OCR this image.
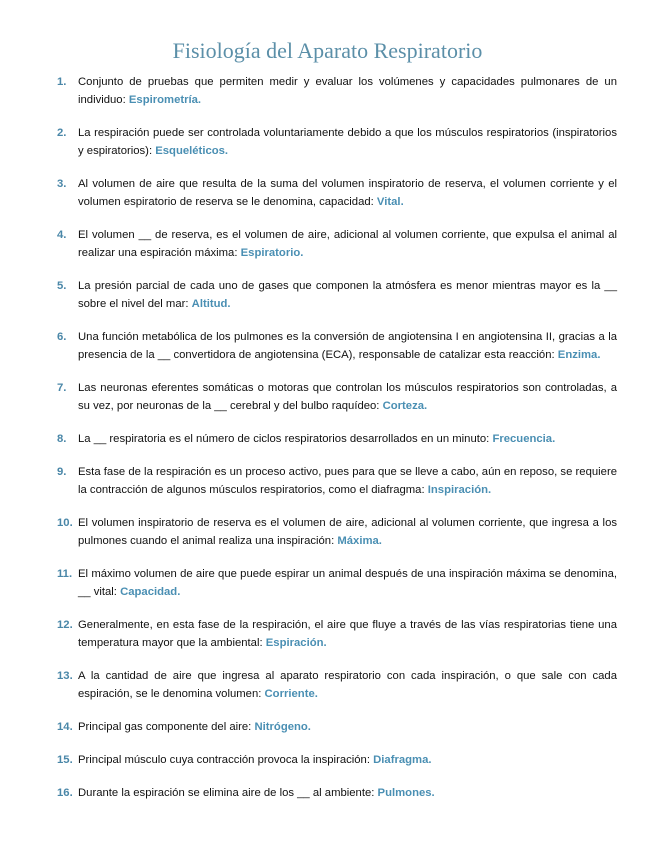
Fisiología del Aparato Respiratorio
1. Conjunto de pruebas que permiten medir y evaluar los volúmenes y capacidades pulmonares de un individuo: Espirometría.
2. La respiración puede ser controlada voluntariamente debido a que los músculos respiratorios (inspiratorios y espiratorios): Esqueléticos.
3. Al volumen de aire que resulta de la suma del volumen inspiratorio de reserva, el volumen corriente y el volumen espiratorio de reserva se le denomina, capacidad: Vital.
4. El volumen __ de reserva, es el volumen de aire, adicional al volumen corriente, que expulsa el animal al realizar una espiración máxima: Espiratorio.
5. La presión parcial de cada uno de gases que componen la atmósfera es menor mientras mayor es la __ sobre el nivel del mar: Altitud.
6. Una función metabólica de los pulmones es la conversión de angiotensina I en angiotensina II, gracias a la presencia de la __ convertidora de angiotensina (ECA), responsable de catalizar esta reacción: Enzima.
7. Las neuronas eferentes somáticas o motoras que controlan los músculos respiratorios son controladas, a su vez, por neuronas de la __ cerebral y del bulbo raquídeo: Corteza.
8. La __ respiratoria es el número de ciclos respiratorios desarrollados en un minuto: Frecuencia.
9. Esta fase de la respiración es un proceso activo, pues para que se lleve a cabo, aún en reposo, se requiere la contracción de algunos músculos respiratorios, como el diafragma: Inspiración.
10. El volumen inspiratorio de reserva es el volumen de aire, adicional al volumen corriente, que ingresa a los pulmones cuando el animal realiza una inspiración: Máxima.
11. El máximo volumen de aire que puede espirar un animal después de una inspiración máxima se denomina, __ vital: Capacidad.
12. Generalmente, en esta fase de la respiración, el aire que fluye a través de las vías respiratorias tiene una temperatura mayor que la ambiental: Espiración.
13. A la cantidad de aire que ingresa al aparato respiratorio con cada inspiración, o que sale con cada espiración, se le denomina volumen: Corriente.
14. Principal gas componente del aire: Nitrógeno.
15. Principal músculo cuya contracción provoca la inspiración: Diafragma.
16. Durante la espiración se elimina aire de los __ al ambiente: Pulmones.
